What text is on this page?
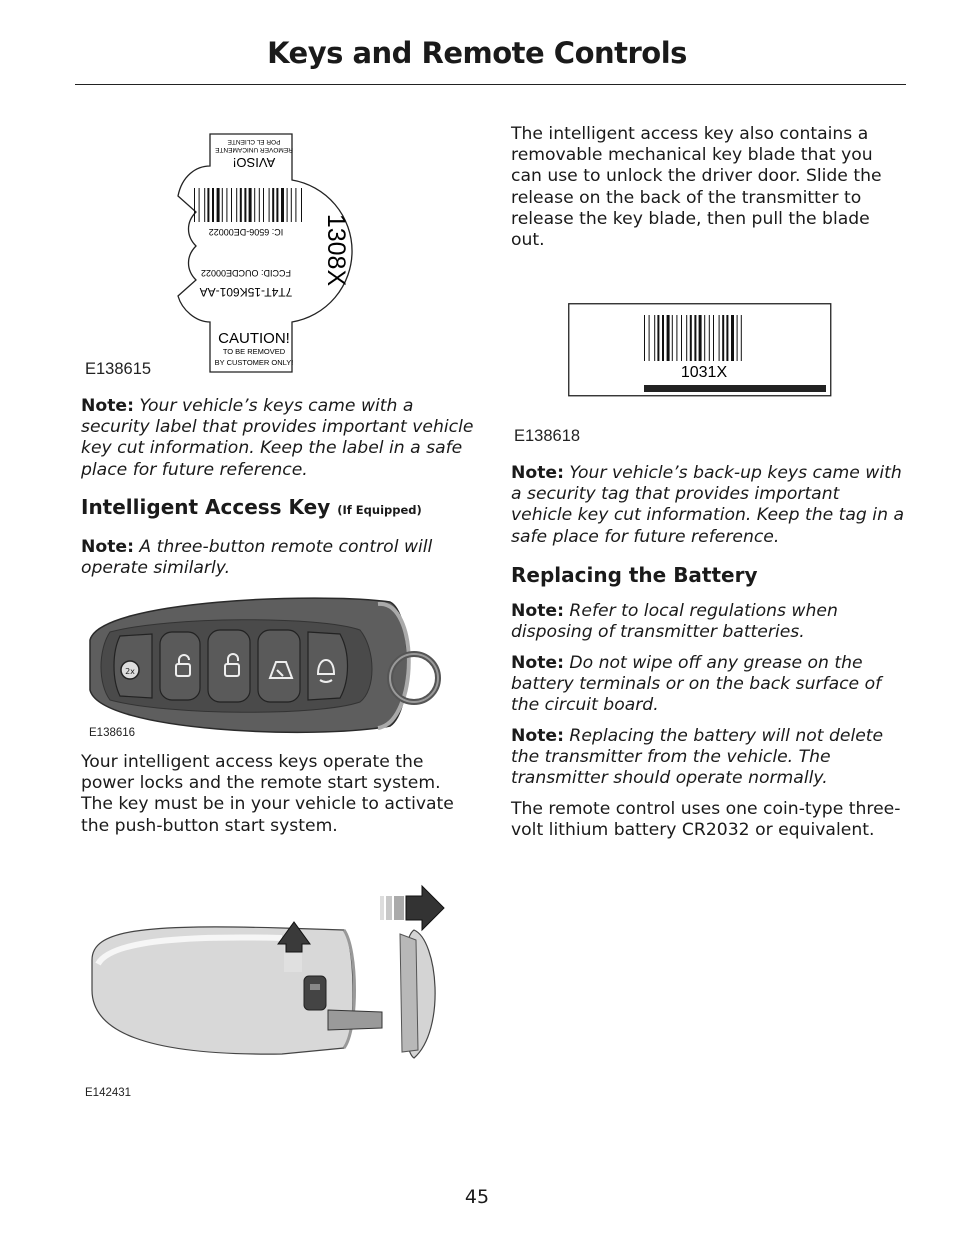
Keys and Remote Controls
AVISO!
REMOVER UNICAMENTE
POR EL CLIENTE
IC: 6506-DE00022
FCCID: OUCDE00022
7T4T-15K601-AA
1308X
CAUTION!
TO BE REMOVED
BY CUSTOMER ONLY!
E138615

Note: Your vehicle’s keys came with a security label that provides important vehicle key cut information. Keep the label in a safe place for future reference.

Intelligent Access Key (If Equipped)

Note: A three-button remote control will operate similarly.

2x
E138616

Your intelligent access keys operate the power locks and the remote start system. The key must be in your vehicle to activate the push-button start system.

E142431

The intelligent access key also contains a removable mechanical key blade that you can use to unlock the driver door. Slide the release on the back of the transmitter to release the key blade, then pull the blade out.

1031X
E138618

Note: Your vehicle’s back-up keys came with a security tag that provides important vehicle key cut information. Keep the tag in a safe place for future reference.

Replacing the Battery

Note: Refer to local regulations when disposing of transmitter batteries.

Note: Do not wipe off any grease on the battery terminals or on the back surface of the circuit board.

Note: Replacing the battery will not delete the transmitter from the vehicle. The transmitter should operate normally.

The remote control uses one coin-type three-volt lithium battery CR2032 or equivalent.

45
